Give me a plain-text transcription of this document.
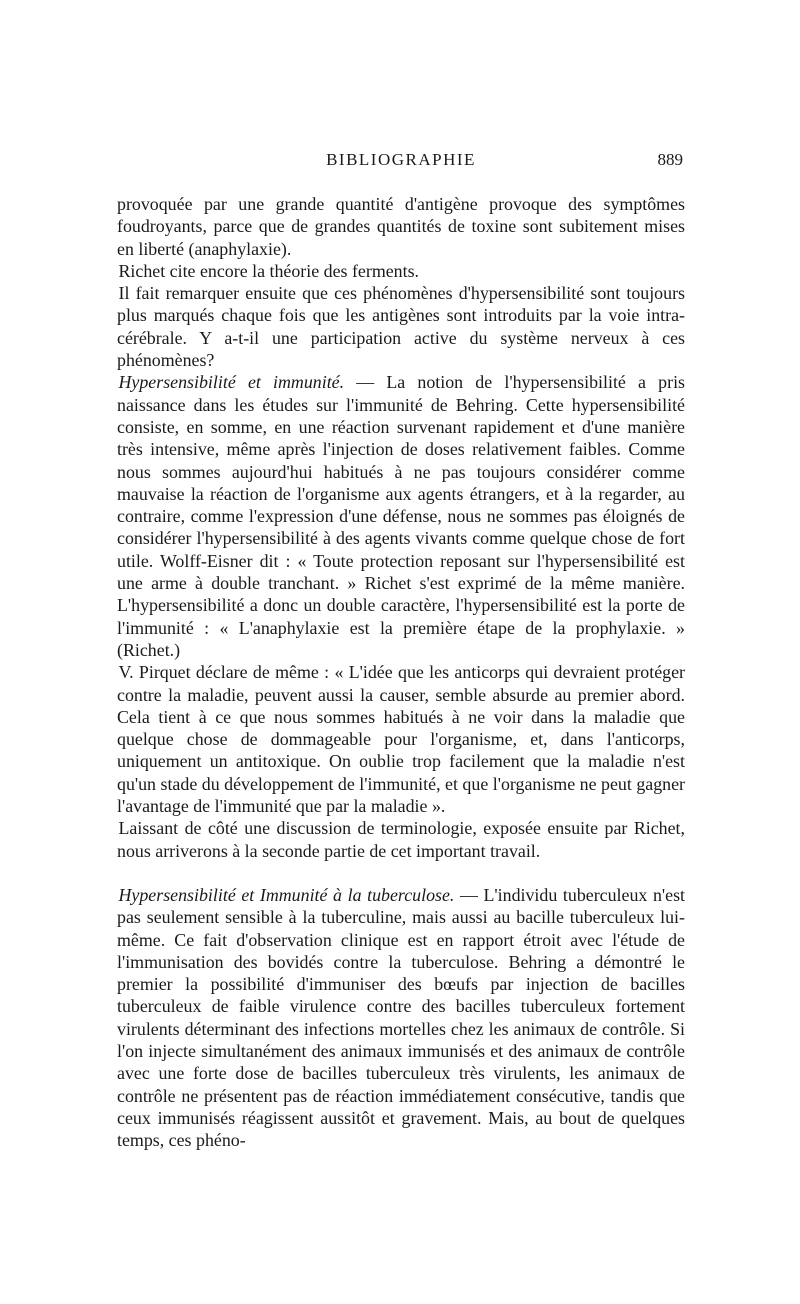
BIBLIOGRAPHIE	889

provoquée par une grande quantité d'antigène provoque des symptômes foudroyants, parce que de grandes quantités de toxine sont subitement mises en liberté (anaphylaxie).

Richet cite encore la théorie des ferments.

Il fait remarquer ensuite que ces phénomènes d'hypersensibilité sont toujours plus marqués chaque fois que les antigènes sont introduits par la voie intra-cérébrale. Y a-t-il une participation active du système nerveux à ces phénomènes?

Hypersensibilité et immunité. — La notion de l'hypersensibilité a pris naissance dans les études sur l'immunité de Behring. Cette hypersensibilité consiste, en somme, en une réaction survenant rapidement et d'une manière très intensive, même après l'injection de doses relativement faibles. Comme nous sommes aujourd'hui habitués à ne pas toujours considérer comme mauvaise la réaction de l'organisme aux agents étrangers, et à la regarder, au contraire, comme l'expression d'une défense, nous ne sommes pas éloignés de considérer l'hypersensibilité à des agents vivants comme quelque chose de fort utile. Wolff-Eisner dit : « Toute protection reposant sur l'hypersensibilité est une arme à double tranchant. » Richet s'est exprimé de la même manière. L'hypersensibilité a donc un double caractère, l'hypersensibilité est la porte de l'immunité : « L'anaphylaxie est la première étape de la prophylaxie. » (Richet.)

V. Pirquet déclare de même : « L'idée que les anticorps qui devraient protéger contre la maladie, peuvent aussi la causer, semble absurde au premier abord. Cela tient à ce que nous sommes habitués à ne voir dans la maladie que quelque chose de dommageable pour l'organisme, et, dans l'anticorps, uniquement un antitoxique. On oublie trop facilement que la maladie n'est qu'un stade du développement de l'immunité, et que l'organisme ne peut gagner l'avantage de l'immunité que par la maladie ».

Laissant de côté une discussion de terminologie, exposée ensuite par Richet, nous arriverons à la seconde partie de cet important travail.

Hypersensibilité et Immunité à la tuberculose. — L'individu tuberculeux n'est pas seulement sensible à la tuberculine, mais aussi au bacille tuberculeux lui-même. Ce fait d'observation clinique est en rapport étroit avec l'étude de l'immunisation des bovidés contre la tuberculose. Behring a démontré le premier la possibilité d'immuniser des bœufs par injection de bacilles tuberculeux de faible virulence contre des bacilles tuberculeux fortement virulents déterminant des infections mortelles chez les animaux de contrôle. Si l'on injecte simultanément des animaux immunisés et des animaux de contrôle avec une forte dose de bacilles tuberculeux très virulents, les animaux de contrôle ne présentent pas de réaction immédiatement consécutive, tandis que ceux immunisés réagissent aussitôt et gravement. Mais, au bout de quelques temps, ces phéno-
